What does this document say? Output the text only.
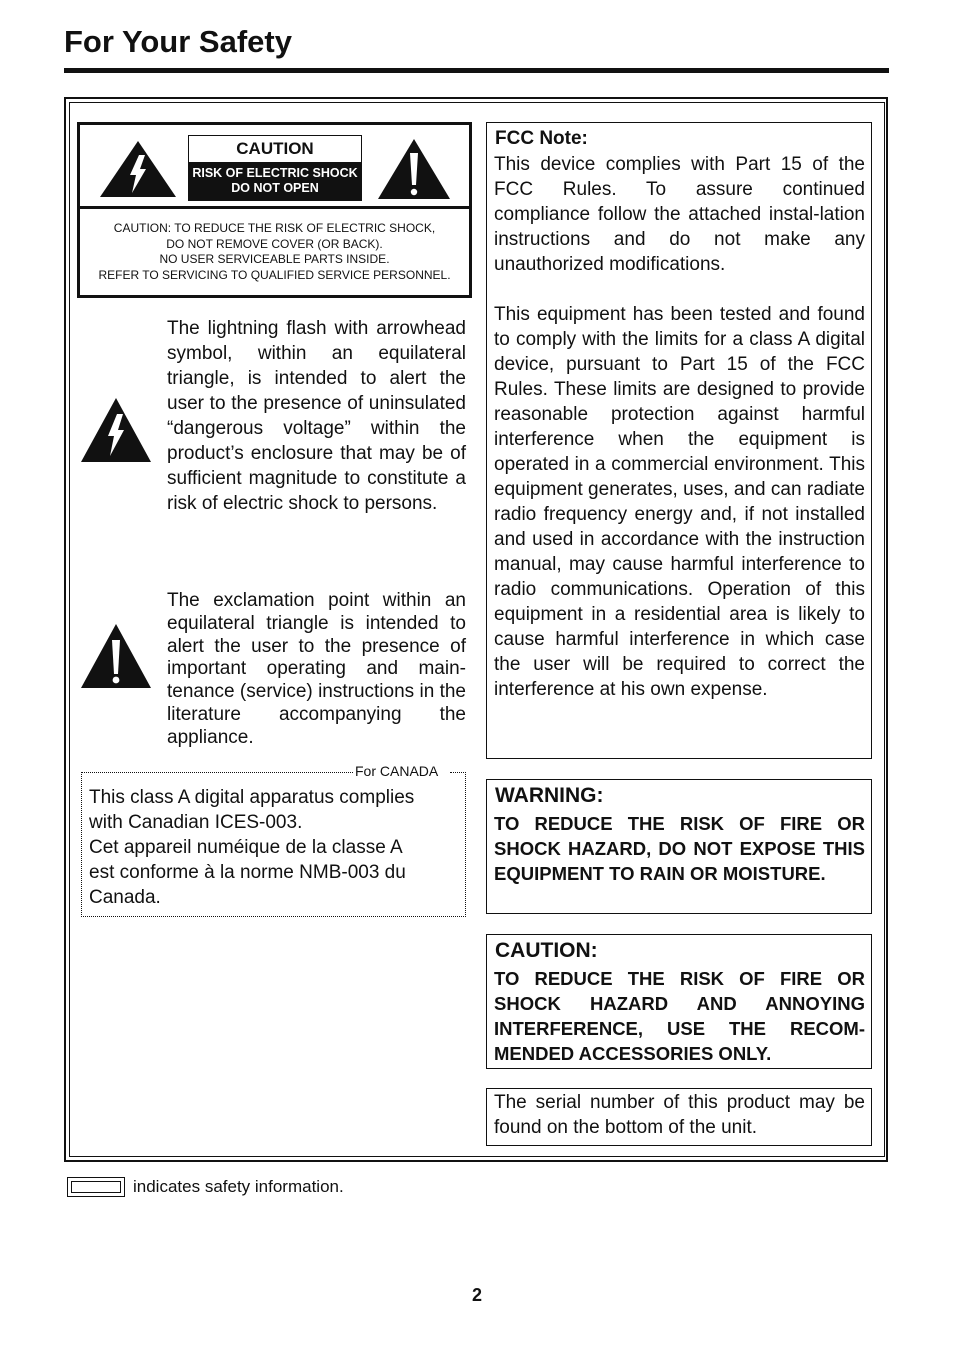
For Your Safety
CAUTION
RISK OF ELECTRIC SHOCK
DO NOT OPEN
CAUTION: TO REDUCE THE RISK OF ELECTRIC SHOCK,
DO NOT REMOVE COVER (OR BACK).
NO USER SERVICEABLE PARTS INSIDE.
REFER TO SERVICING TO QUALIFIED SERVICE PERSONNEL.
The lightning flash with arrowhead symbol, within an equilateral triangle, is intended to alert the user to the presence of uninsulated “dangerous voltage” within the product’s enclosure that may be of sufficient magnitude to constitute a risk of electric shock to persons.
The exclamation point within an equilateral triangle is intended to alert the user to the presence of important operating and main-tenance (service) instructions in the literature accompanying the appliance.
For CANADA
This class A digital apparatus complies
with Canadian ICES-003.
Cet appareil numéique de la classe A
est conforme à la norme NMB-003 du
Canada.
FCC Note:
This device complies with Part 15 of the FCC Rules. To assure continued compliance follow the attached instal-lation instructions and do not make any unauthorized modifications.
This equipment has been tested and found to comply with the limits for a class A digital device, pursuant to Part 15 of the FCC Rules. These limits are designed to provide reasonable protection against harmful interference when the equipment is operated in a commercial environment. This equipment generates, uses, and can radiate radio frequency energy and, if not installed and used in accordance with the instruction manual, may cause harmful interference to radio communications. Operation of this equipment in a residential area is likely to cause harmful interference in which case the user will be required to correct the interference at his own expense.
WARNING:
TO REDUCE THE RISK OF FIRE OR SHOCK HAZARD, DO NOT EXPOSE THIS EQUIPMENT TO RAIN OR MOISTURE.
CAUTION:
TO REDUCE THE RISK OF FIRE OR SHOCK HAZARD AND ANNOYING INTERFERENCE, USE THE RECOM-MENDED ACCESSORIES ONLY.
The serial number of this product may be found on the bottom of the unit.
indicates safety information.
2
